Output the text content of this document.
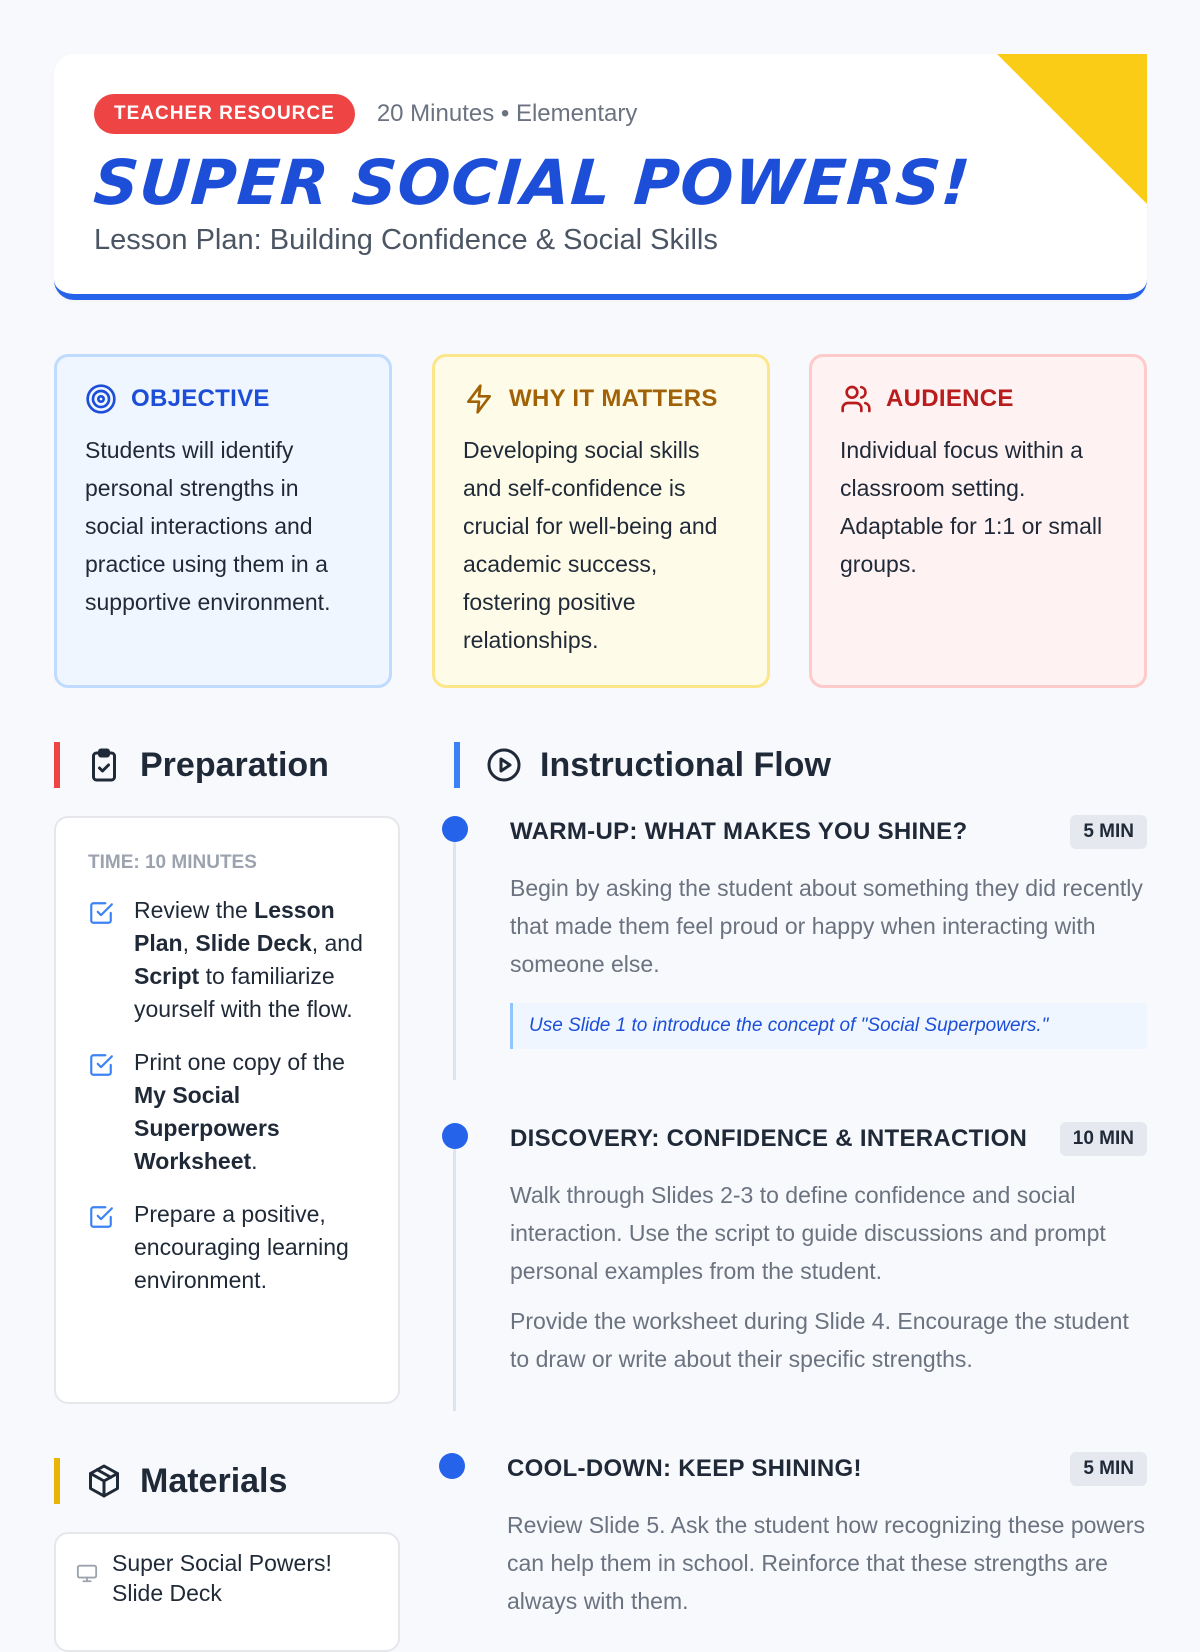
TEACHER RESOURCE	20 Minutes • Elementary
SUPER SOCIAL POWERS!
Lesson Plan: Building Confidence & Social Skills
OBJECTIVE
Students will identify personal strengths in social interactions and practice using them in a supportive environment.
WHY IT MATTERS
Developing social skills and self-confidence is crucial for well-being and academic success, fostering positive relationships.
AUDIENCE
Individual focus within a classroom setting. Adaptable for 1:1 or small groups.
Preparation
TIME: 10 MINUTES
Review the Lesson Plan, Slide Deck, and Script to familiarize yourself with the flow.
Print one copy of the My Social Superpowers Worksheet.
Prepare a positive, encouraging learning environment.
Materials
Super Social Powers! Slide Deck
Instructional Flow
WARM-UP: WHAT MAKES YOU SHINE?	5 MIN
Begin by asking the student about something they did recently that made them feel proud or happy when interacting with someone else.
Use Slide 1 to introduce the concept of "Social Superpowers."
DISCOVERY: CONFIDENCE & INTERACTION	10 MIN
Walk through Slides 2-3 to define confidence and social interaction. Use the script to guide discussions and prompt personal examples from the student.
Provide the worksheet during Slide 4. Encourage the student to draw or write about their specific strengths.
COOL-DOWN: KEEP SHINING!	5 MIN
Review Slide 5. Ask the student how recognizing these powers can help them in school. Reinforce that these strengths are always with them.
